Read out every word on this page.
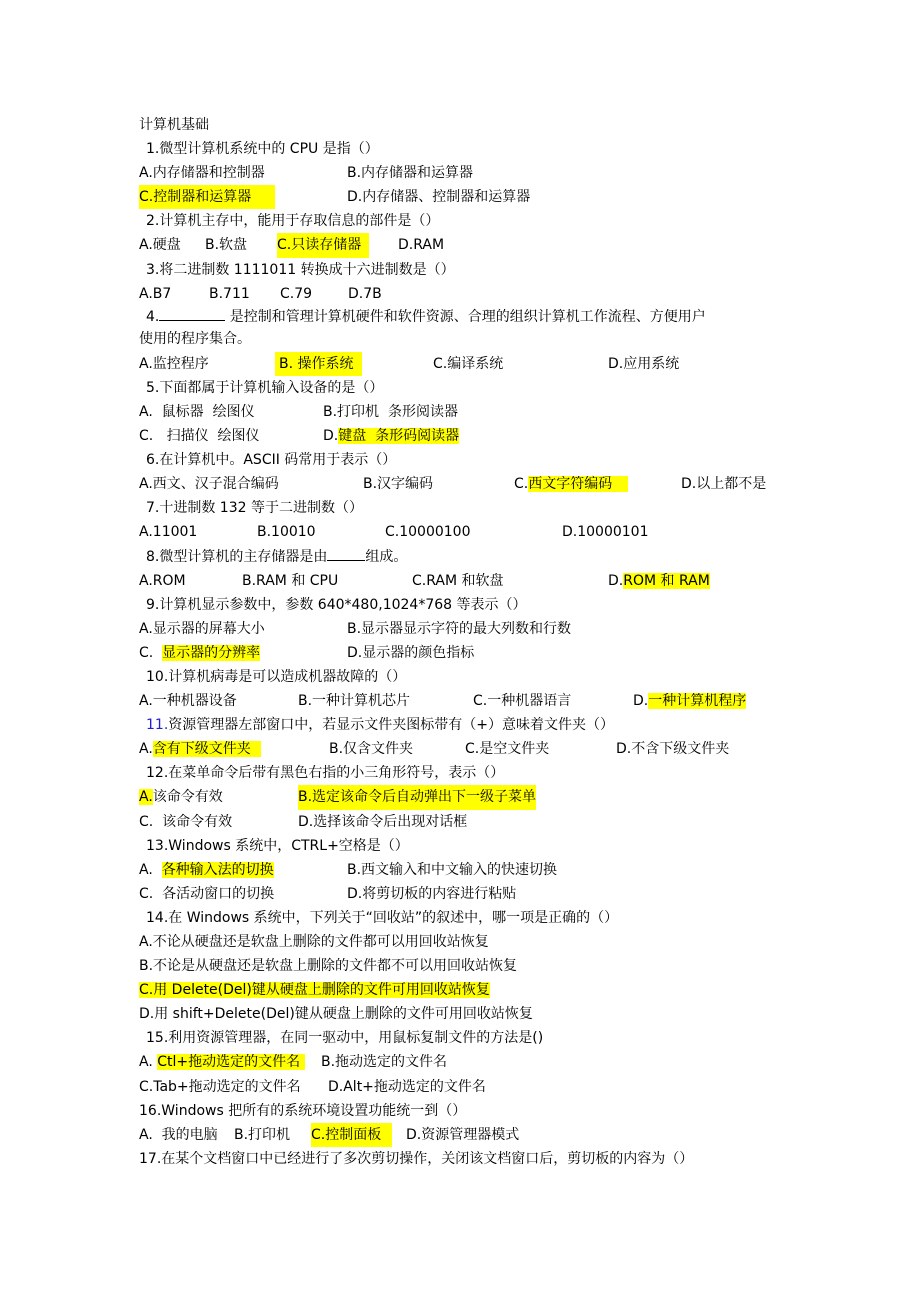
计算机基础
1.微型计算机系统中的 CPU 是指（）
A.内存储器和控制器	B.内存储器和运算器
C.控制器和运算器	D.内存储器、控制器和运算器
2.计算机主存中，能用于存取信息的部件是（）
A.硬盘 B.软盘 C.只读存储器	D.RAM
3.将二进制数 1111011 转换成十六进制数是（）
A.B7	B.711 C.79	D.7B
4.	是控制和管理计算机硬件和软件资源、合理的组织计算机工作流程、方便用户
使用的程序集合。
A.监控程序	B. 操作系统	C.编译系统	D.应用系统
5.下面都属于计算机输入设备的是（）
A.  鼠标器  绘图仪	B.打印机  条形阅读器
C.   扫描仪  绘图仪	D.键盘  条形码阅读器
6.在计算机中。ASCII 码常用于表示（）
A.西文、汉子混合编码	B.汉字编码	C.西文字符编码	D.以上都不是
7.十进制数 132 等于二进制数（）
A.11001	B.10010	C.10000100	D.10000101
8.微型计算机的主存储器是由	组成。
A.ROM	B.RAM 和 CPU	C.RAM 和软盘	D.ROM 和 RAM
9.计算机显示参数中，参数 640*480,1024*768 等表示（）
A.显示器的屏幕大小	B.显示器显示字符的最大列数和行数
C.  显示器的分辨率	D.显示器的颜色指标
10.计算机病毒是可以造成机器故障的（）
A.一种机器设备	B.一种计算机芯片	C.一种机器语言	D.一种计算机程序
11.资源管理器左部窗口中，若显示文件夹图标带有（+）意味着文件夹（）
A.含有下级文件夹	B.仅含文件夹	C.是空文件夹	D.不含下级文件夹
12.在菜单命令后带有黑色右指的小三角形符号，表示（）
A.该命令有效	B.选定该命令后自动弹出下一级子菜单
C.  该命令有效	D.选择该命令后出现对话框
13.Windows 系统中，CTRL+空格是（）
A.  各种输入法的切换	B.西文输入和中文输入的快速切换
C.  各活动窗口的切换	D.将剪切板的内容进行粘贴
14.在 Windows 系统中，下列关于“回收站”的叙述中，哪一项是正确的（）
A.不论从硬盘还是软盘上删除的文件都可以用回收站恢复
B.不论是从硬盘还是软盘上删除的文件都不可以用回收站恢复
C.用 Delete(Del)键从硬盘上删除的文件可用回收站恢复
D.用 shift+Delete(Del)键从硬盘上删除的文件可用回收站恢复
15.利用资源管理器，在同一驱动中，用鼠标复制文件的方法是()
A. Ctl+拖动选定的文件名 B.拖动选定的文件名
C.Tab+拖动选定的文件名 D.Alt+拖动选定的文件名
16.Windows 把所有的系统环境设置功能统一到（）
A.  我的电脑 B.打印机 C.控制面板	D.资源管理器模式
17.在某个文档窗口中已经进行了多次剪切操作，关闭该文档窗口后，剪切板的内容为（）
